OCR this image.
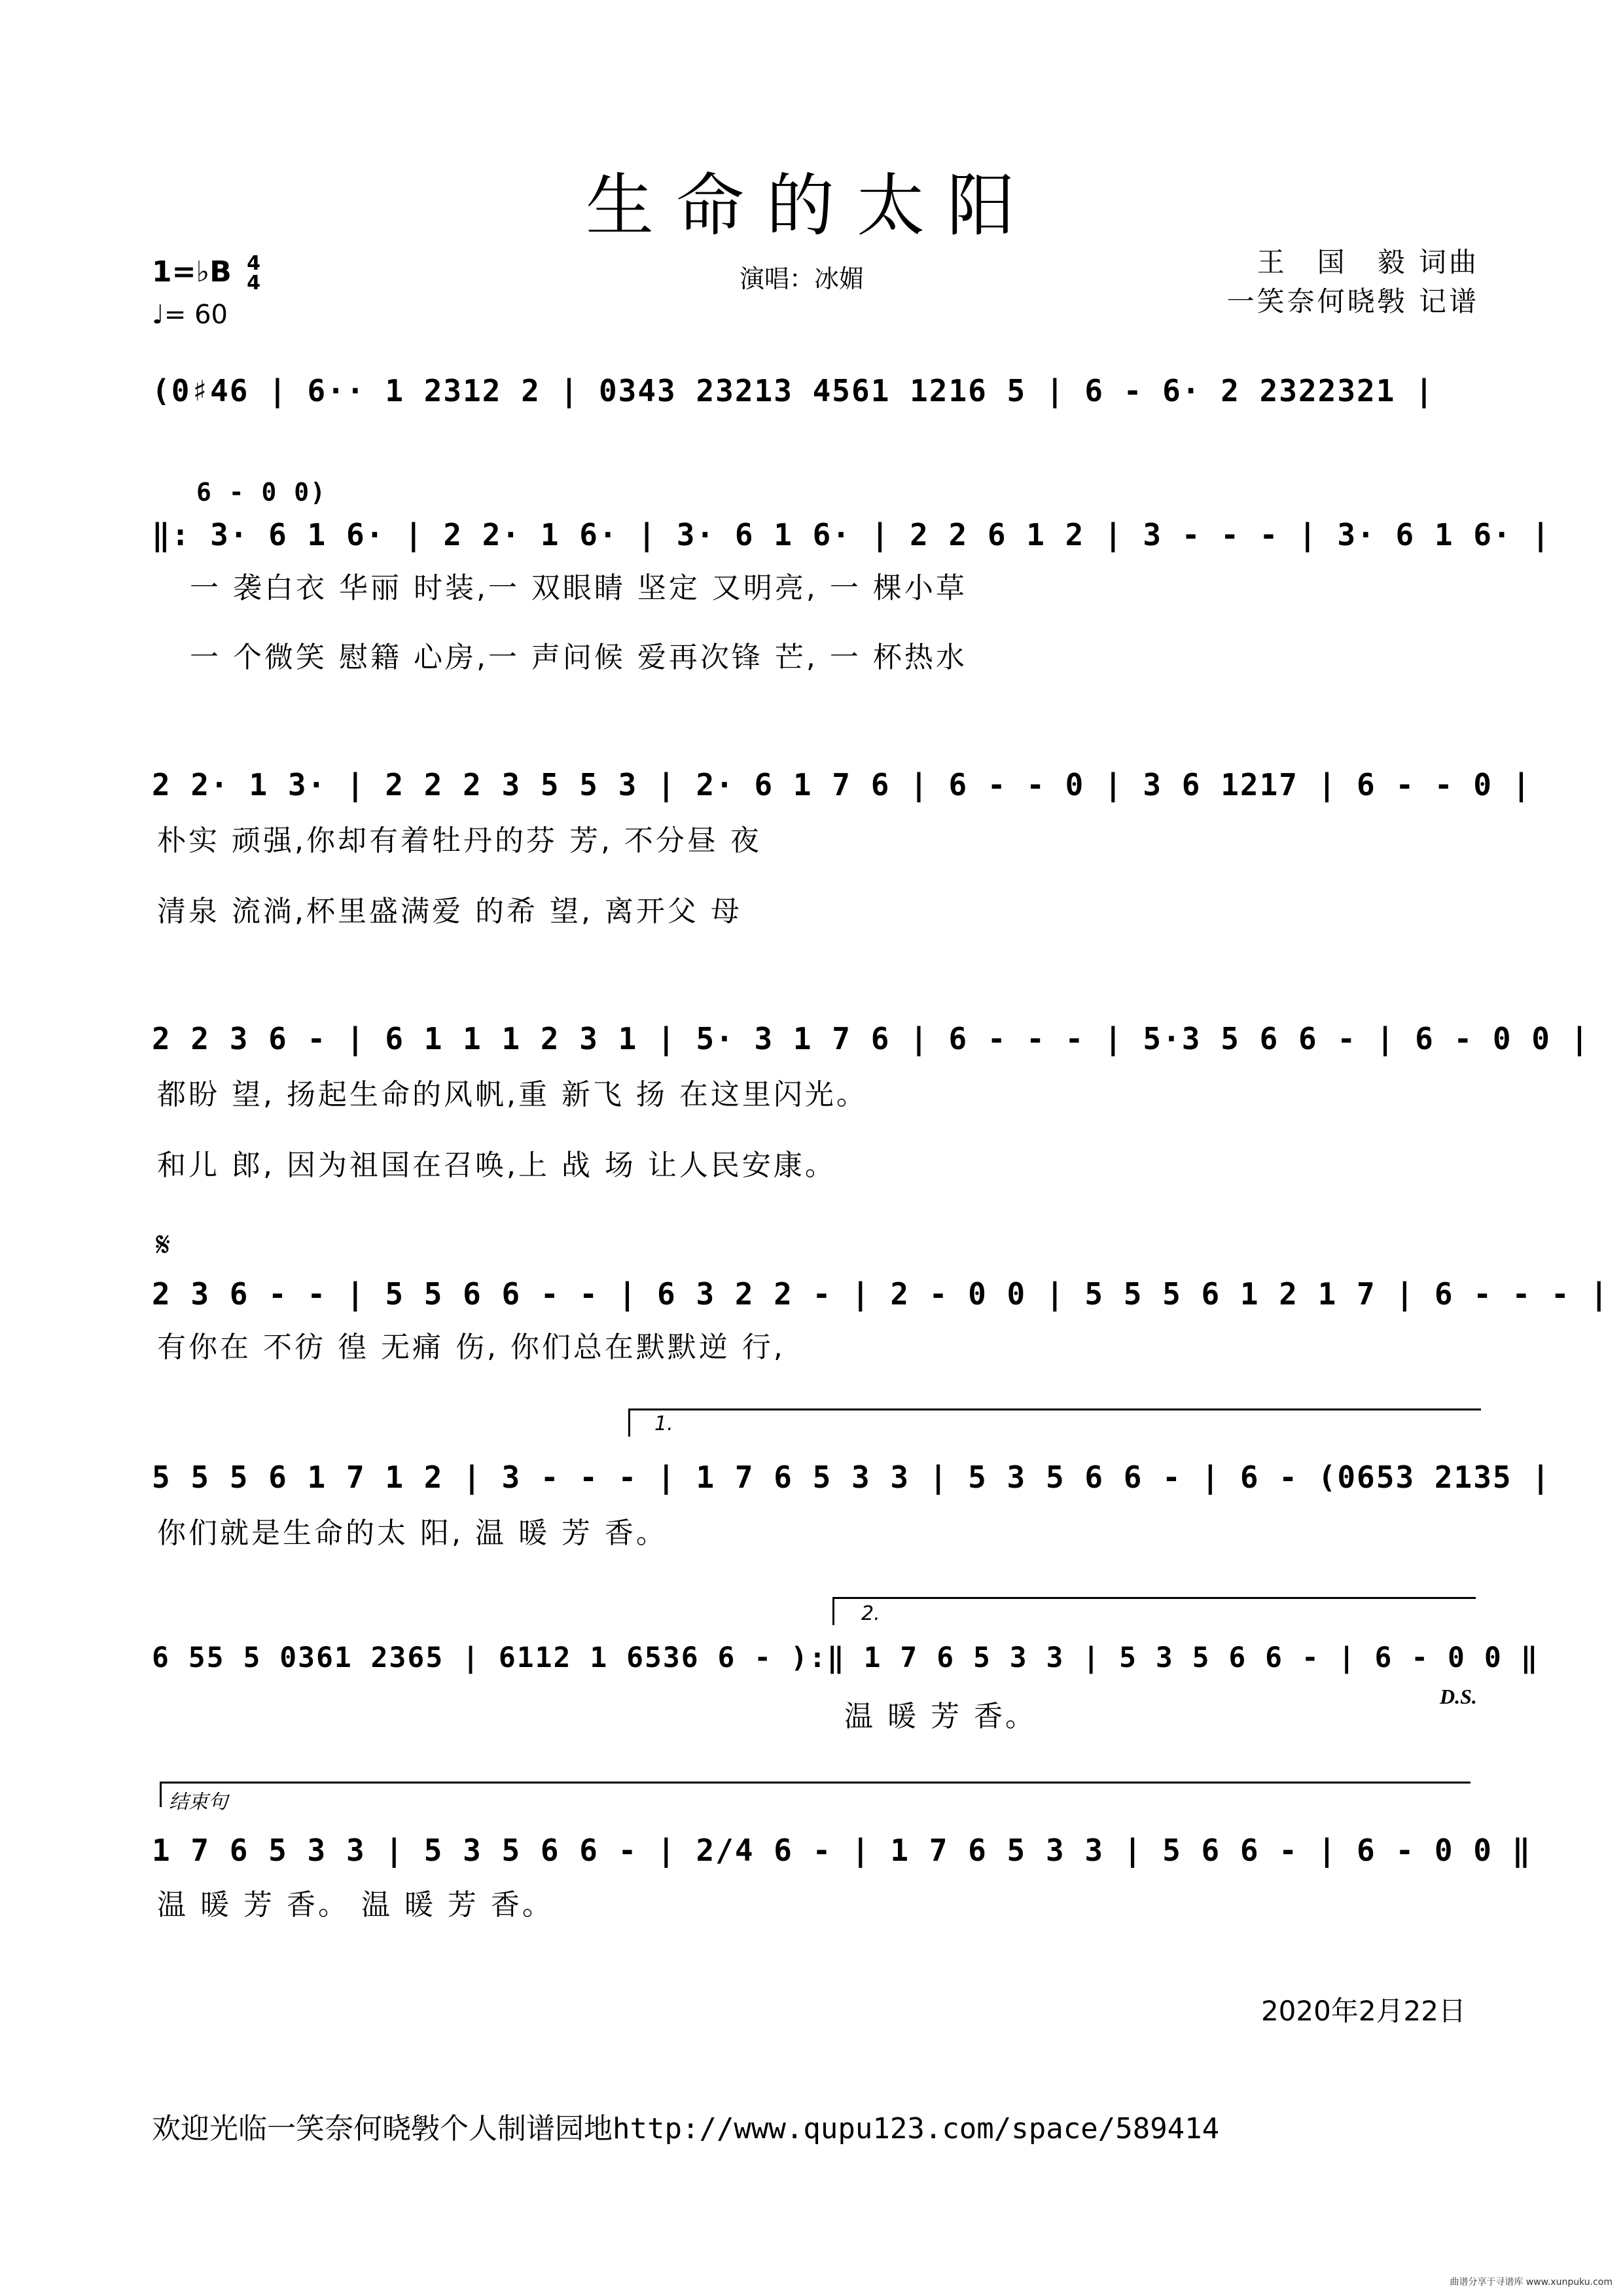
生命的太阳
1=♭B 4
4
♩= 60
演唱：冰媚
王　国　毅 词曲
一笑奈何晓斅 记谱
(0♯46 | 6·· 1 2312 2 | 0343 23213 4561 1216 5 | 6 - 6· 2 2322321 |
6 - 0 0)
‖: 3· 6 1 6· | 2 2· 1 6· | 3· 6 1 6· | 2 2 6 1 2 | 3 - - - | 3· 6 1 6· |
一 袭白衣 华丽 时装,一 双眼睛 坚定 又明亮, 一 棵小草
一 个微笑 慰籍 心房,一 声问候 爱再次锋 芒, 一 杯热水
2 2· 1 3· | 2 2 2 3 5 5 3 | 2· 6 1 7 6 | 6 - - 0 | 3 6 1217 | 6 - - 0 |
朴实 顽强,你却有着牡丹的芬 芳, 不分昼 夜
清泉 流淌,杯里盛满爱 的希 望, 离开父 母
2 2 3 6 - | 6 1 1 1 2 3 1 | 5· 3 1 7 6 | 6 - - - | 5·3 5 6 6 - | 6 - 0 0 |
都盼 望, 扬起生命的风帆,重 新飞 扬 在这里闪光。
和儿 郎, 因为祖国在召唤,上 战 场 让人民安康。
𝄋
2 3 6 - - | 5 5 6 6 - - | 6 3 2 2 - | 2 - 0 0 | 5 5 5 6 1 2 1 7 | 6 - - - |
有你在 不彷 徨 无痛 伤, 你们总在默默逆 行,
1.
5 5 5 6 1 7 1 2 | 3 - - - | 1 7 6 5 3 3 | 5 3 5 6 6 - | 6 - (0653 2135 |
你们就是生命的太 阳, 温 暖 芳 香。
2.
6 55 5 0361 2365 | 6112 1 6536 6 - ):‖ 1 7 6 5 3 3 | 5 3 5 6 6 - | 6 - 0 0 ‖
温 暖 芳 香。
D.S.
结束句
1 7 6 5 3 3 | 5 3 5 6 6 - | 2/4 6 - | 1 7 6 5 3 3 | 5 6 6 - | 6 - 0 0 ‖
温 暖 芳 香。 温 暖 芳 香。
2020年2月22日
欢迎光临一笑奈何晓斅个人制谱园地http://www.qupu123.com/space/589414
曲谱分享于寻谱库 www.xunpuku.com
